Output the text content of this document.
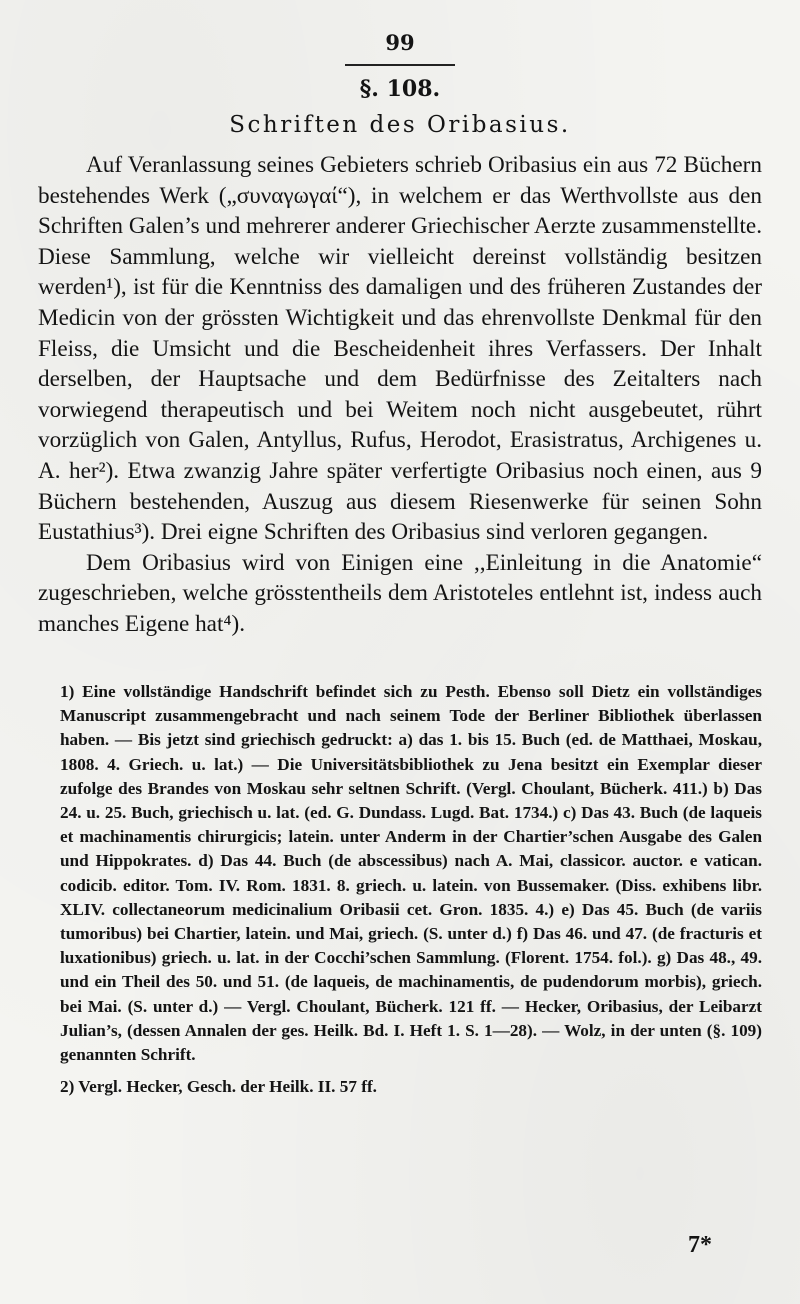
99
§. 108.
Schriften des Oribasius.

Auf Veranlassung seines Gebieters schrieb Oribasius ein aus 72 Büchern bestehendes Werk („συναγωγαί“), in welchem er das Werthvollste aus den Schriften Galen’s und mehrerer anderer Griechischer Aerzte zusammenstellte. Diese Sammlung, welche wir vielleicht dereinst vollständig besitzen werden¹), ist für die Kenntniss des damaligen und des früheren Zustandes der Medicin von der grössten Wichtigkeit und das ehrenvollste Denkmal für den Fleiss, die Umsicht und die Bescheidenheit ihres Verfassers. Der Inhalt derselben, der Hauptsache und dem Bedürfnisse des Zeitalters nach vorwiegend therapeutisch und bei Weitem noch nicht ausgebeutet, rührt vorzüglich von Galen, Antyllus, Rufus, Herodot, Erasistratus, Archigenes u. A. her²). Etwa zwanzig Jahre später verfertigte Oribasius noch einen, aus 9 Büchern bestehenden, Auszug aus diesem Riesenwerke für seinen Sohn Eustathius³). Drei eigne Schriften des Oribasius sind verloren gegangen.

Dem Oribasius wird von Einigen eine ,,Einleitung in die Anatomie“ zugeschrieben, welche grösstentheils dem Aristoteles entlehnt ist, indess auch manches Eigene hat⁴).

1) Eine vollständige Handschrift befindet sich zu Pesth. Ebenso soll Dietz ein vollständiges Manuscript zusammengebracht und nach seinem Tode der Berliner Bibliothek überlassen haben. — Bis jetzt sind griechisch gedruckt: a) das 1. bis 15. Buch (ed. de Matthaei, Moskau, 1808. 4. Griech. u. lat.) — Die Universitätsbibliothek zu Jena besitzt ein Exemplar dieser zufolge des Brandes von Moskau sehr seltnen Schrift. (Vergl. Choulant, Bücherk. 411.) b) Das 24. u. 25. Buch, griechisch u. lat. (ed. G. Dundass. Lugd. Bat. 1734.) c) Das 43. Buch (de laqueis et machinamentis chirurgicis; latein. unter Anderm in der Chartier’schen Ausgabe des Galen und Hippokrates. d) Das 44. Buch (de abscessibus) nach A. Mai, classicor. auctor. e vatican. codicib. editor. Tom. IV. Rom. 1831. 8. griech. u. latein. von Bussemaker. (Diss. exhibens libr. XLIV. collectaneorum medicinalium Oribasii cet. Gron. 1835. 4.) e) Das 45. Buch (de variis tumoribus) bei Chartier, latein. und Mai, griech. (S. unter d.) f) Das 46. und 47. (de fracturis et luxationibus) griech. u. lat. in der Cocchi’schen Sammlung. (Florent. 1754. fol.). g) Das 48., 49. und ein Theil des 50. und 51. (de laqueis, de machinamentis, de pudendorum morbis), griech. bei Mai. (S. unter d.) — Vergl. Choulant, Bücherk. 121 ff. — Hecker, Oribasius, der Leibarzt Julian’s, (dessen Annalen der ges. Heilk. Bd. I. Heft 1. S. 1—28). — Wolz, in der unten (§. 109) genannten Schrift.

2) Vergl. Hecker, Gesch. der Heilk. II. 57 ff.

7*
